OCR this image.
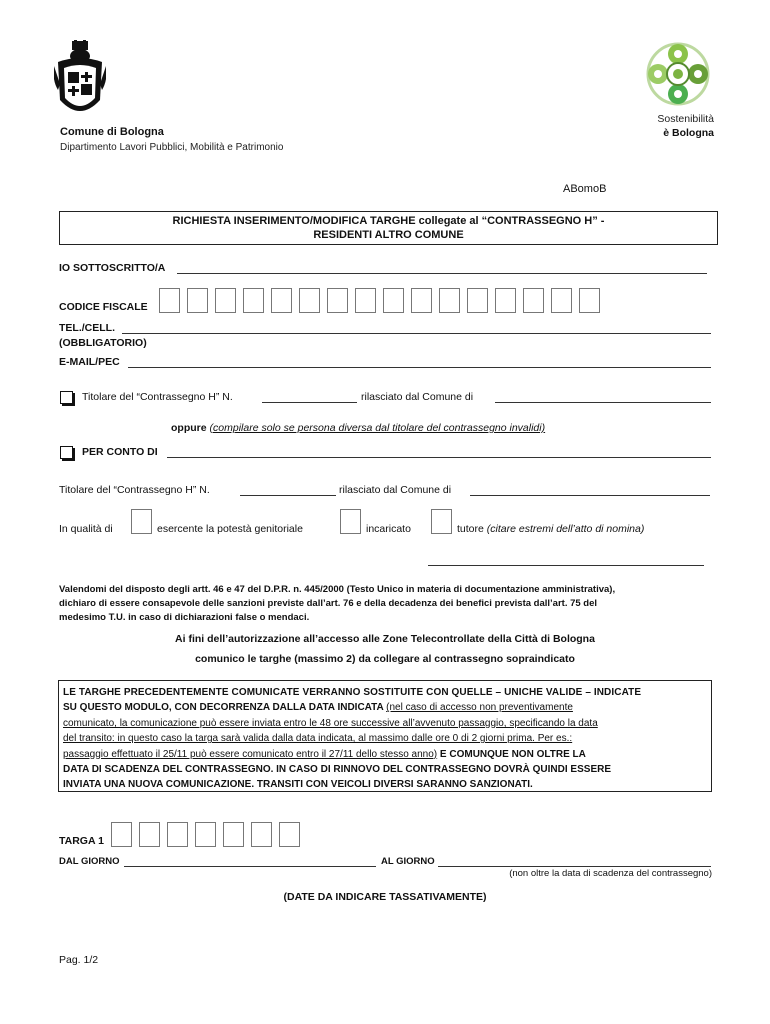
Comune di Bologna
Dipartimento Lavori Pubblici, Mobilità e Patrimonio
Sostenibilità
è Bologna
ABomoB
RICHIESTA INSERIMENTO/MODIFICA TARGHE collegate al “CONTRASSEGNO H” -
RESIDENTI ALTRO COMUNE
IO SOTTOSCRITTO/A
CODICE FISCALE
TEL./CELL.
(OBBLIGATORIO)
E-MAIL/PEC
Titolare del “Contrassegno H” N.	rilasciato dal Comune di
oppure (compilare solo se persona diversa dal titolare del contrassegno invalidi)
PER CONTO DI
Titolare del “Contrassegno H” N.	rilasciato dal Comune di
In qualità di	esercente la potestà genitoriale	incaricato	tutore (citare estremi dell’atto di nomina)
Valendomi del disposto degli artt. 46 e 47 del D.P.R. n. 445/2000 (Testo Unico in materia di documentazione amministrativa),
dichiaro di essere consapevole delle sanzioni previste dall’art. 76 e della decadenza dei benefici prevista dall’art. 75 del
medesimo T.U. in caso di dichiarazioni false o mendaci.
Ai fini dell’autorizzazione all’accesso alle Zone Telecontrollate della Città di Bologna
comunico le targhe (massimo 2) da collegare al contrassegno sopraindicato
LE TARGHE PRECEDENTEMENTE COMUNICATE VERRANNO SOSTITUITE CON QUELLE – UNICHE VALIDE – INDICATE
SU QUESTO MODULO, CON DECORRENZA DALLA DATA INDICATA (nel caso di accesso non preventivamente
comunicato, la comunicazione può essere inviata entro le 48 ore successive all’avvenuto passaggio, specificando la data
del transito: in questo caso la targa sarà valida dalla data indicata, al massimo dalle ore 0 di 2 giorni prima. Per es.:
passaggio effettuato il 25/11 può essere comunicato entro il 27/11 dello stesso anno) E COMUNQUE NON OLTRE LA
DATA DI SCADENZA DEL CONTRASSEGNO. IN CASO DI RINNOVO DEL CONTRASSEGNO DOVRÀ QUINDI ESSERE
INVIATA UNA NUOVA COMUNICAZIONE. TRANSITI CON VEICOLI DIVERSI SARANNO SANZIONATI.
TARGA 1
DAL GIORNO	AL GIORNO
(non oltre la data di scadenza del contrassegno)
(DATE DA INDICARE TASSATIVAMENTE)
Pag. 1/2
